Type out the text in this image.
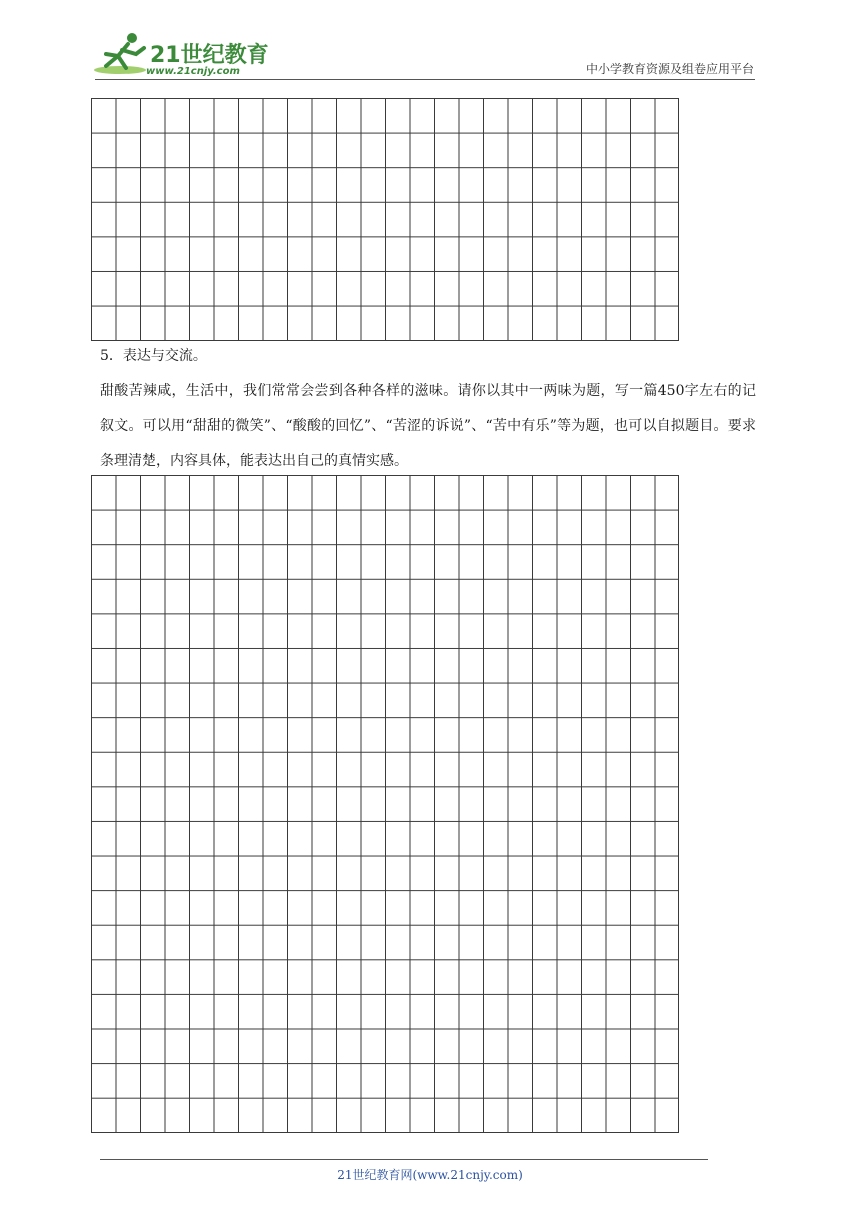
21世纪教育
www.21cnjy.com	中小学教育资源及组卷应用平台
5．表达与交流。
甜酸苦辣咸，生活中，我们常常会尝到各种各样的滋味。请你以其中一两味为题，写一篇450字左右的记叙文。可以用“甜甜的微笑”、“酸酸的回忆”、“苦涩的诉说”、“苦中有乐”等为题，也可以自拟题目。要求条理清楚，内容具体，能表达出自己的真情实感。
21世纪教育网(www.21cnjy.com)
